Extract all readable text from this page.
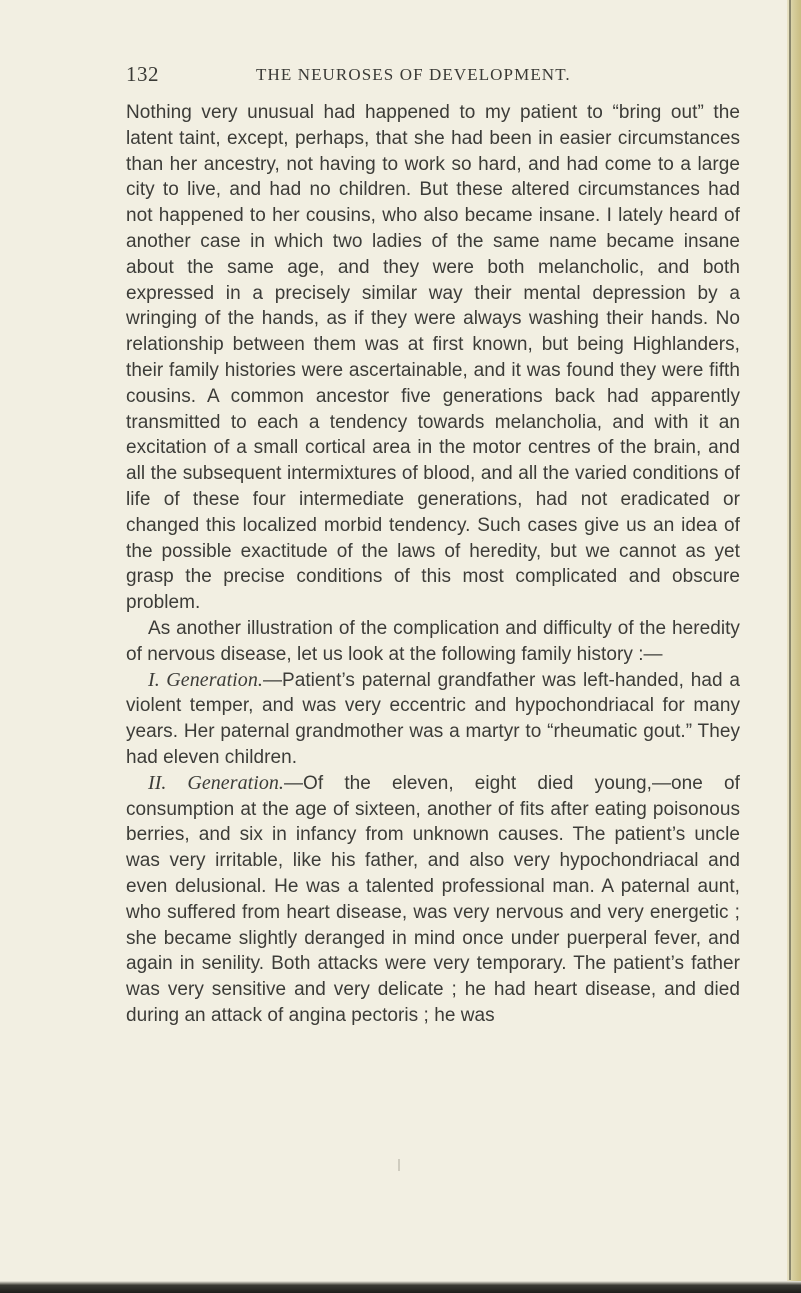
132	THE NEUROSES OF DEVELOPMENT.

Nothing very unusual had happened to my patient to “bring out” the latent taint, except, perhaps, that she had been in easier circumstances than her ancestry, not having to work so hard, and had come to a large city to live, and had no children. But these altered circumstances had not happened to her cousins, who also became insane. I lately heard of another case in which two ladies of the same name became insane about the same age, and they were both melancholic, and both expressed in a precisely similar way their mental depression by a wringing of the hands, as if they were always washing their hands. No relationship between them was at first known, but being Highlanders, their family histories were ascertainable, and it was found they were fifth cousins. A common ancestor five generations back had apparently transmitted to each a tendency towards melancholia, and with it an excitation of a small cortical area in the motor centres of the brain, and all the subsequent intermixtures of blood, and all the varied conditions of life of these four intermediate generations, had not eradicated or changed this localized morbid tendency. Such cases give us an idea of the possible exactitude of the laws of heredity, but we cannot as yet grasp the precise conditions of this most complicated and obscure problem.

As another illustration of the complication and difficulty of the heredity of nervous disease, let us look at the following family history :—

I. Generation.—Patient’s paternal grandfather was left-handed, had a violent temper, and was very eccentric and hypochondriacal for many years. Her paternal grandmother was a martyr to “rheumatic gout.” They had eleven children.

II. Generation.—Of the eleven, eight died young,—one of consumption at the age of sixteen, another of fits after eating poisonous berries, and six in infancy from unknown causes. The patient’s uncle was very irritable, like his father, and also very hypochondriacal and even delusional. He was a talented professional man. A paternal aunt, who suffered from heart disease, was very nervous and very energetic ; she became slightly deranged in mind once under puerperal fever, and again in senility. Both attacks were very temporary. The patient’s father was very sensitive and very delicate ; he had heart disease, and died during an attack of angina pectoris ; he was
